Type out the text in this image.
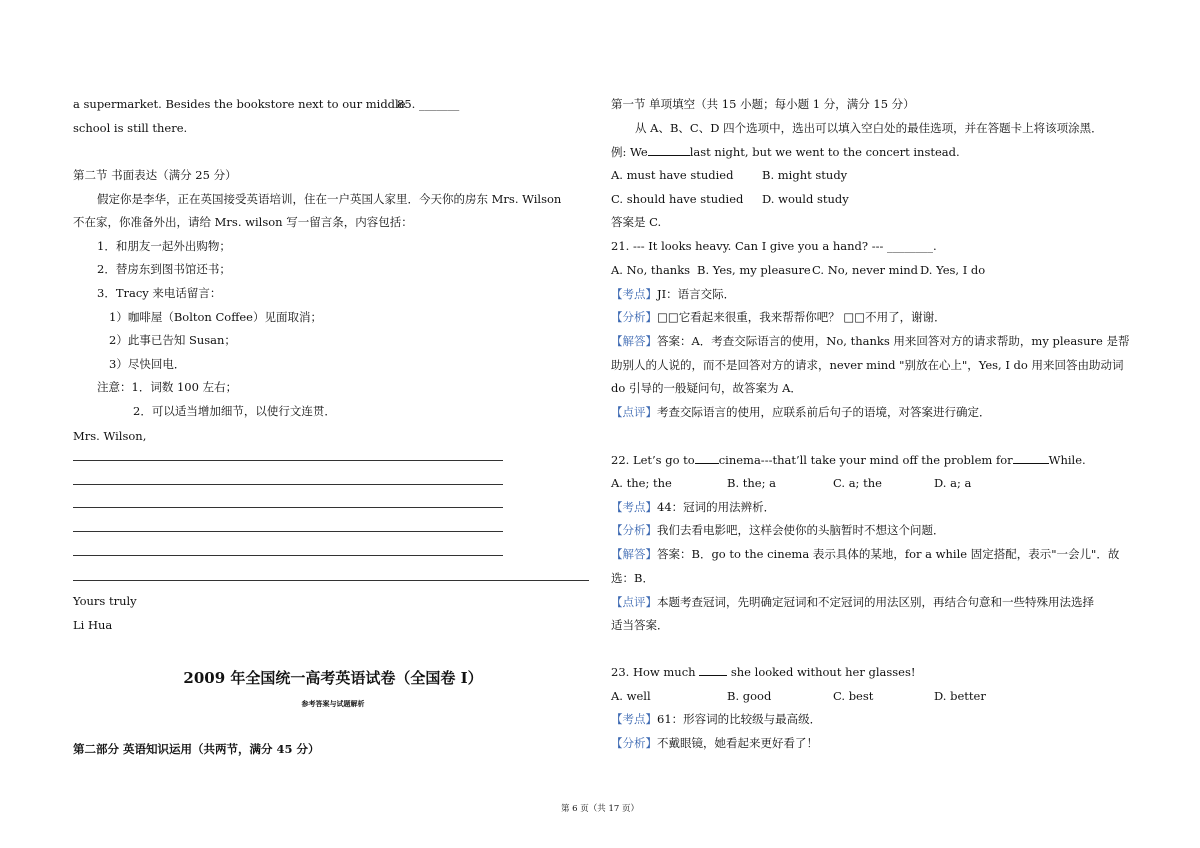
a supermarket. Besides the bookstore next to our middle
85. _______
school is still there.
第二节 书面表达（满分 25 分）
假定你是李华，正在英国接受英语培训，住在一户英国人家里．今天你的房东 Mrs. Wilson
不在家，你准备外出，请给 Mrs. wilson 写一留言条，内容包括：
1．和朋友一起外出购物；
2．替房东到图书馆还书；
3．Tracy 来电话留言：
1）咖啡屋（Bolton Coffee）见面取消；
2）此事已告知 Susan；
3）尽快回电．
注意：1．词数 100 左右；
2．可以适当增加细节，以使行文连贯．
Mrs. Wilson,
Yours truly
Li Hua
2009 年全国统一高考英语试卷（全国卷 I）
参考答案与试题解析
第二部分 英语知识运用（共两节，满分 45 分）
第一节 单项填空（共 15 小题；每小题 1 分，满分 15 分）
从 A、B、C、D 四个选项中，选出可以填入空白处的最佳选项，并在答题卡上将该项涂黑．
例: We	last night, but we went to the concert instead.
A. must have studied B. might study
C. should have studied D. would study
答案是 C.
21. --- It looks heavy. Can I give you a hand? --- ________.
A. No, thanks B. Yes, my pleasure C. No, never mind D. Yes, I do
【考点】JI：语言交际．
【分析】□□它看起来很重，我来帮帮你吧？ □□不用了，谢谢．
【解答】答案：A．考查交际语言的使用，No, thanks 用来回答对方的请求帮助，my pleasure 是帮
助别人的人说的，而不是回答对方的请求，never mind "别放在心上"，Yes, I do 用来回答由助动词
do 引导的一般疑问句，故答案为 A．
【点评】考查交际语言的使用，应联系前后句子的语境，对答案进行确定．
22. Let’s go to cinema---that’ll take your mind off the problem for	While.
A. the; the	B. the; a	C. a; the	D. a; a
【考点】44：冠词的用法辨析．
【分析】我们去看电影吧，这样会使你的头脑暂时不想这个问题．
【解答】答案：B．go to the cinema 表示具体的某地，for a while 固定搭配，表示"一会儿"．故
选：B．
【点评】本题考查冠词，先明确定冠词和不定冠词的用法区别，再结合句意和一些特殊用法选择
适当答案．
23. How much	she looked without her glasses!
A. well	B. good	C. best	D. better
【考点】61：形容词的比较级与最高级．
【分析】不戴眼镜，她看起来更好看了！
第 6 页（共 17 页）
